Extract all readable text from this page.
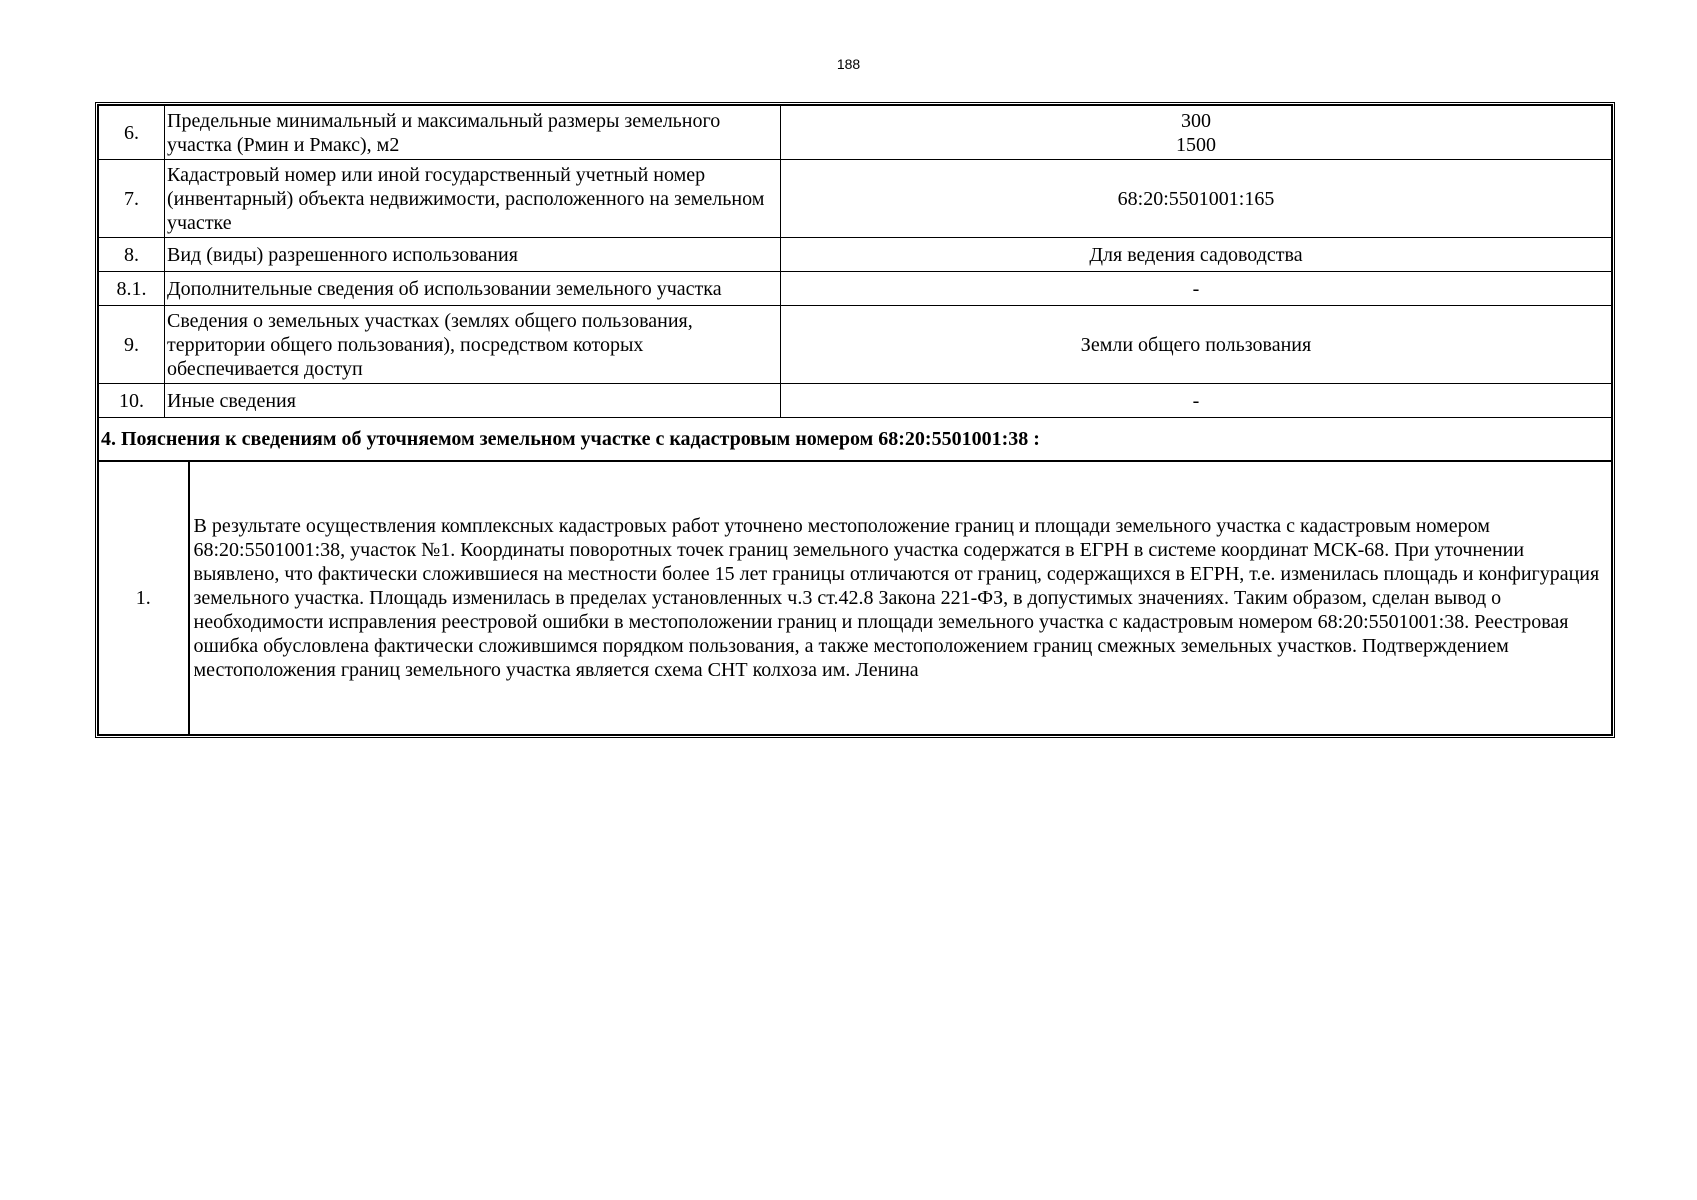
188
6.	Предельные минимальный и максимальный размеры земельного участка (Рмин и Рмакс), м2	300
1500

7.	Кадастровый номер или иной государственный учетный номер (инвентарный) объекта недвижимости, расположенного на земельном участке	68:20:5501001:165
8.	Вид (виды) разрешенного использования	Для ведения садоводства
8.1.	Дополнительные сведения об использовании земельного участка	-
9.	Сведения о земельных участках (землях общего пользования, территории общего пользования), посредством которых обеспечивается доступ	Земли общего пользования
10.	Иные сведения	-
4. Пояснения к сведениям об уточняемом земельном участке с кадастровым номером 68:20:5501001:38 :		
1.	В результате осуществления комплексных кадастровых работ уточнено местоположение границ и площади земельного участка с кадастровым номером 68:20:5501001:38, участок №1. Координаты поворотных точек границ земельного участка содержатся в ЕГРН в системе координат МСК-68. При уточнении выявлено, что фактически сложившиеся на местности более 15 лет границы отличаются от границ, содержащихся в ЕГРН, т.е. изменилась площадь и конфигурация земельного участка. Площадь изменилась в пределах установленных ч.3 ст.42.8 Закона 221-ФЗ, в допустимых значениях. Таким образом, сделан вывод о необходимости исправления реестровой ошибки в местоположении границ и площади земельного участка с кадастровым номером 68:20:5501001:38. Реестровая ошибка обусловлена фактически сложившимся порядком пользования, а также местоположением границ смежных земельных участков. Подтверждением местоположения границ земельного участка является схема СНТ колхоза им. Ленина
